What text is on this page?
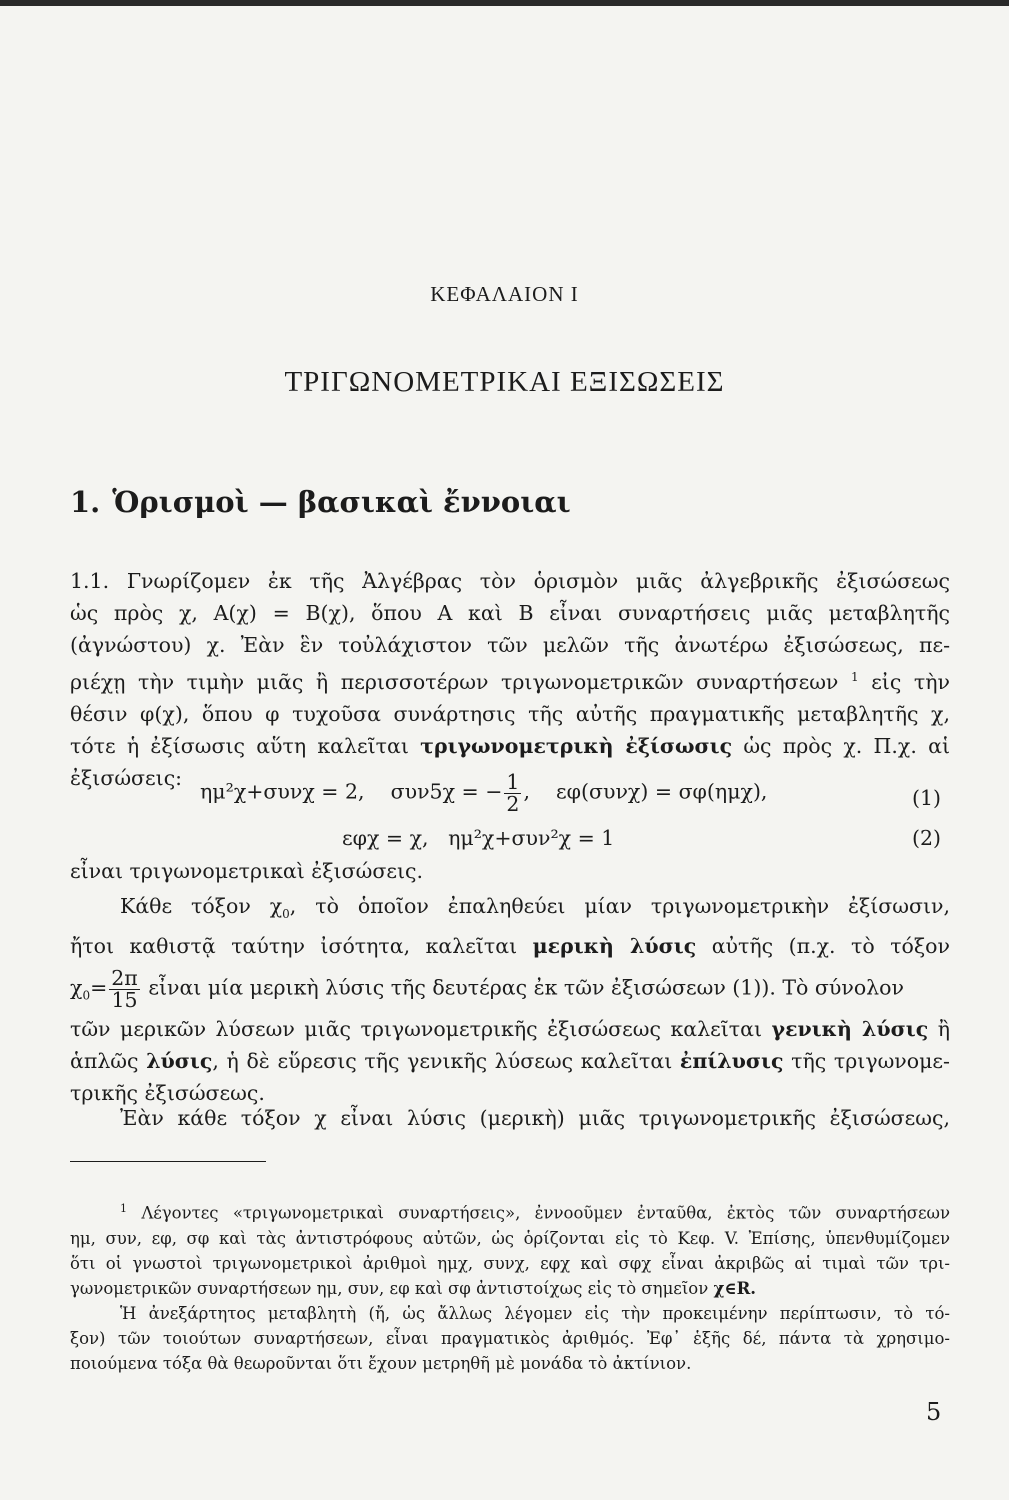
ΚΕΦΑΛΑΙΟΝ I
ΤΡΙΓΩΝΟΜΕΤΡΙΚΑΙ ΕΞΙΣΩΣΕΙΣ
1. Ὁρισμοὶ — βασικαὶ ἔννοιαι
1.1. Γνωρίζομεν ἐκ τῆς Ἀλγέβρας τὸν ὁρισμὸν μιᾶς ἀλγεβρικῆς ἐξισώσεως
ὡς πρὸς χ, Α(χ) = Β(χ), ὅπου Α καὶ Β εἶναι συναρτήσεις μιᾶς μεταβλητῆς
(ἀγνώστου) χ. Ἐὰν ἓν τοὐλάχιστον τῶν μελῶν τῆς ἀνωτέρω ἐξισώσεως, πε-
ριέχῃ τὴν τιμὴν μιᾶς ἢ περισσοτέρων τριγωνομετρικῶν συναρτήσεων $^1$ εἰς τὴν
θέσιν φ(χ), ὅπου φ τυχοῦσα συνάρτησις τῆς αὐτῆς πραγματικῆς μεταβλητῆς χ,
τότε ἡ ἐξίσωσις αὕτη καλεῖται τριγωνομετρικὴ ἐξίσωσις ὡς πρὸς χ. Π.χ. αἱ
ἐξισώσεις:
ημ²χ+συνχ = 2, συν5χ = − $\frac{1}{2}$ , εφ(συνχ) = σφ(ημχ),	(1)
εφχ = χ, ημ²χ+συν²χ = 1	(2)
εἶναι τριγωνομετρικαὶ ἐξισώσεις.
Κάθε τόξον $\chi_0$, τὸ ὁποῖον ἐπαληθεύει μίαν τριγωνομετρικὴν ἐξίσωσιν,
ἤτοι καθιστᾷ ταύτην ἰσότητα, καλεῖται μερικὴ λύσις αὐτῆς (π.χ. τὸ τόξον
$\chi_0= \frac{2\pi}{15}$ εἶναι μία μερικὴ λύσις τῆς δευτέρας ἐκ τῶν ἐξισώσεων (1)). Τὸ σύνολον
τῶν μερικῶν λύσεων μιᾶς τριγωνομετρικῆς ἐξισώσεως καλεῖται γενικὴ λύσις ἢ
ἁπλῶς λύσις, ἡ δὲ εὕρεσις τῆς γενικῆς λύσεως καλεῖται ἐπίλυσις τῆς τριγωνομε-
τρικῆς ἐξισώσεως.
Ἐὰν κάθε τόξον χ εἶναι λύσις (μερικὴ) μιᾶς τριγωνομετρικῆς ἐξισώσεως,
$^1$ Λέγοντες «τριγωνομετρικαὶ συναρτήσεις», ἐννοοῦμεν ἐνταῦθα, ἐκτὸς τῶν συναρτήσεων
ημ, συν, εφ, σφ καὶ τὰς ἀντιστρόφους αὐτῶν, ὡς ὁρίζονται εἰς τὸ Κεφ. V. Ἐπίσης, ὑπενθυμίζομεν
ὅτι οἱ γνωστοὶ τριγωνομετρικοὶ ἀριθμοὶ ημχ, συνχ, εφχ καὶ σφχ εἶναι ἀκριβῶς αἱ τιμαὶ τῶν τρι-
γωνομετρικῶν συναρτήσεων ημ, συν, εφ καὶ σφ ἀντιστοίχως εἰς τὸ σημεῖον χ∈R.
Ἡ ἀνεξάρτητος μεταβλητὴ (ἤ, ὡς ἄλλως λέγομεν εἰς τὴν προκειμένην περίπτωσιν, τὸ τό-
ξον) τῶν τοιούτων συναρτήσεων, εἶναι πραγματικὸς ἀριθμός. Ἐφ᾽ ἑξῆς δέ, πάντα τὰ χρησιμο-
ποιούμενα τόξα θὰ θεωροῦνται ὅτι ἔχουν μετρηθῆ μὲ μονάδα τὸ ἀκτίνιον.
5
